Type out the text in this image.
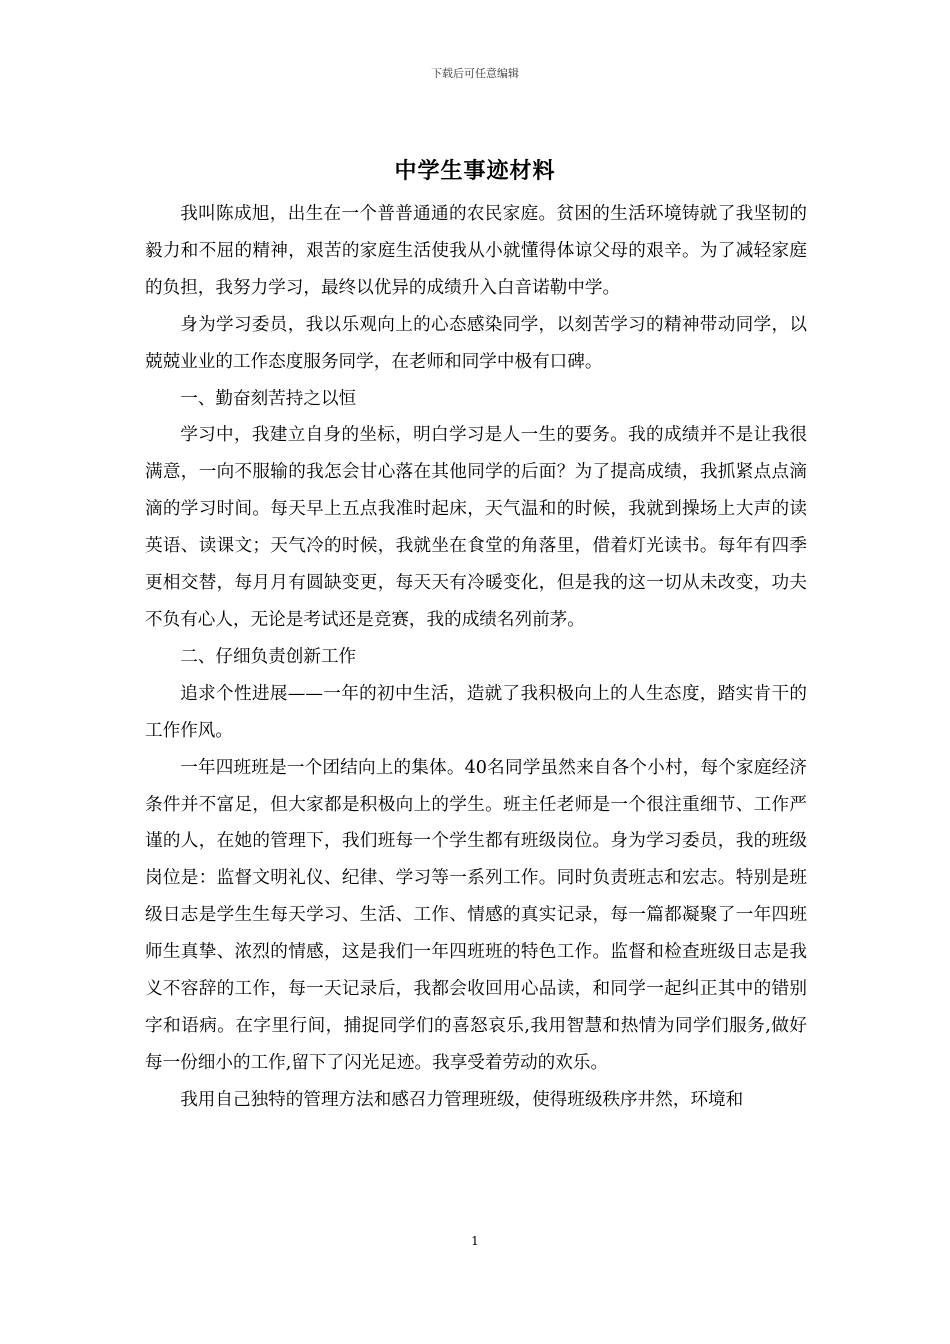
下载后可任意编辑
中学生事迹材料

我叫陈成旭，出生在一个普普通通的农民家庭。贫困的生活环境铸就了我坚韧的毅力和不屈的精神，艰苦的家庭生活使我从小就懂得体谅父母的艰辛。为了减轻家庭的负担，我努力学习，最终以优异的成绩升入白音诺勒中学。

身为学习委员，我以乐观向上的心态感染同学，以刻苦学习的精神带动同学，以兢兢业业的工作态度服务同学，在老师和同学中极有口碑。

一、勤奋刻苦持之以恒

学习中，我建立自身的坐标，明白学习是人一生的要务。我的成绩并不是让我很满意，一向不服输的我怎会甘心落在其他同学的后面？为了提高成绩，我抓紧点点滴滴的学习时间。每天早上五点我准时起床，天气温和的时候，我就到操场上大声的读英语、读课文；天气冷的时候，我就坐在食堂的角落里，借着灯光读书。每年有四季更相交替，每月月有圆缺变更，每天天有冷暖变化，但是我的这一切从未改变，功夫不负有心人，无论是考试还是竞赛，我的成绩名列前茅。

二、仔细负责创新工作

追求个性进展——一年的初中生活，造就了我积极向上的人生态度，踏实肯干的工作作风。

一年四班班是一个团结向上的集体。40名同学虽然来自各个小村，每个家庭经济条件并不富足，但大家都是积极向上的学生。班主任老师是一个很注重细节、工作严谨的人，在她的管理下，我们班每一个学生都有班级岗位。身为学习委员，我的班级岗位是：监督文明礼仪、纪律、学习等一系列工作。同时负责班志和宏志。特别是班级日志是学生生每天学习、生活、工作、情感的真实记录，每一篇都凝聚了一年四班师生真挚、浓烈的情感，这是我们一年四班班的特色工作。监督和检查班级日志是我义不容辞的工作，每一天记录后，我都会收回用心品读，和同学一起纠正其中的错别字和语病。在字里行间，捕捉同学们的喜怒哀乐,我用智慧和热情为同学们服务,做好每一份细小的工作,留下了闪光足迹。我享受着劳动的欢乐。

我用自己独特的管理方法和感召力管理班级，使得班级秩序井然，环境和

1
